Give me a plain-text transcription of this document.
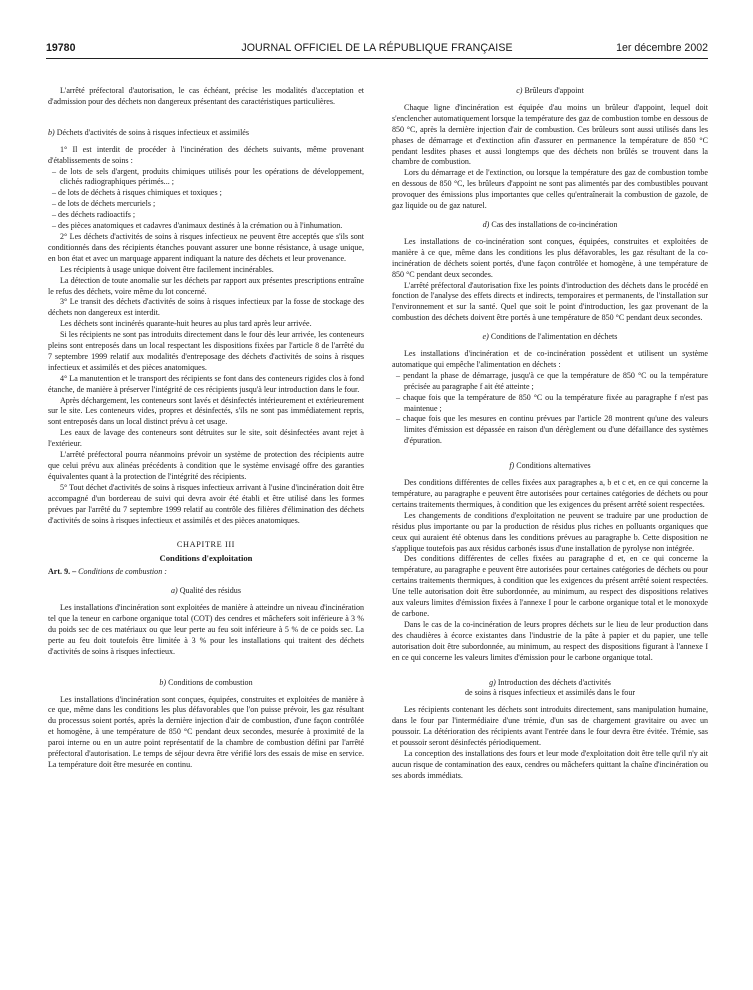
19780	JOURNAL OFFICIEL DE LA RÉPUBLIQUE FRANÇAISE	1er décembre 2002

L'arrêté préfectoral d'autorisation, le cas échéant, précise les modalités d'acceptation et d'admission pour des déchets non dangereux présentant des caractéristiques particulières.

b) Déchets d'activités de soins à risques infectieux et assimilés

1° Il est interdit de procéder à l'incinération des déchets suivants, même provenant d'établissements de soins :

– de lots de sels d'argent, produits chimiques utilisés pour les opérations de développement, clichés radiographiques périmés... ;
– de lots de déchets à risques chimiques et toxiques ;
– de lots de déchets mercuriels ;
– des déchets radioactifs ;
– des pièces anatomiques et cadavres d'animaux destinés à la crémation ou à l'inhumation.

2° Les déchets d'activités de soins à risques infectieux ne peuvent être acceptés que s'ils sont conditionnés dans des récipients étanches pouvant assurer une bonne résistance, à usage unique, en bon état et avec un marquage apparent indiquant la nature des déchets et leur provenance.

Les récipients à usage unique doivent être facilement incinérables.

La détection de toute anomalie sur les déchets par rapport aux présentes prescriptions entraîne le refus des déchets, voire même du lot concerné.

3° Le transit des déchets d'activités de soins à risques infectieux par la fosse de stockage des déchets non dangereux est interdit.

Les déchets sont incinérés quarante-huit heures au plus tard après leur arrivée.

Si les récipients ne sont pas introduits directement dans le four dès leur arrivée, les conteneurs pleins sont entreposés dans un local respectant les dispositions fixées par l'article 8 de l'arrêté du 7 septembre 1999 relatif aux modalités d'entreposage des déchets d'activités de soins à risques infectieux et assimilés et des pièces anatomiques.

4° La manutention et le transport des récipients se font dans des conteneurs rigides clos à fond étanche, de manière à préserver l'intégrité de ces récipients jusqu'à leur introduction dans le four.

Après déchargement, les conteneurs sont lavés et désinfectés intérieurement et extérieurement sur le site. Les conteneurs vides, propres et désinfectés, s'ils ne sont pas immédiatement repris, sont entreposés dans un local distinct prévu à cet usage.

Les eaux de lavage des conteneurs sont détruites sur le site, soit désinfectées avant rejet à l'extérieur.

L'arrêté préfectoral pourra néanmoins prévoir un système de protection des récipients autre que celui prévu aux alinéas précédents à condition que le système envisagé offre des garanties équivalentes quant à la protection de l'intégrité des récipients.

5° Tout déchet d'activités de soins à risques infectieux arrivant à l'usine d'incinération doit être accompagné d'un bordereau de suivi qui devra avoir été établi et être utilisé dans les formes prévues par l'arrêté du 7 septembre 1999 relatif au contrôle des filières d'élimination des déchets d'activités de soins à risques infectieux et assimilés et des pièces anatomiques.

CHAPITRE III
Conditions d'exploitation

Art. 9. – Conditions de combustion :

a) Qualité des résidus

Les installations d'incinération sont exploitées de manière à atteindre un niveau d'incinération tel que la teneur en carbone organique total (COT) des cendres et mâchefers soit inférieure à 3 % du poids sec de ces matériaux ou que leur perte au feu soit inférieure à 5 % de ce poids sec. La perte au feu doit toutefois être limitée à 3 % pour les installations qui traitent des déchets d'activités de soins à risques infectieux.

b) Conditions de combustion

Les installations d'incinération sont conçues, équipées, construites et exploitées de manière à ce que, même dans les conditions les plus défavorables que l'on puisse prévoir, les gaz résultant du processus soient portés, après la dernière injection d'air de combustion, d'une façon contrôlée et homogène, à une température de 850 °C pendant deux secondes, mesurée à proximité de la paroi interne ou en un autre point représentatif de la chambre de combustion défini par l'arrêté préfectoral d'autorisation. Le temps de séjour devra être vérifié lors des essais de mise en service. La température doit être mesurée en continu.

c) Brûleurs d'appoint

Chaque ligne d'incinération est équipée d'au moins un brûleur d'appoint, lequel doit s'enclencher automatiquement lorsque la température des gaz de combustion tombe en dessous de 850 °C, après la dernière injection d'air de combustion. Ces brûleurs sont aussi utilisés dans les phases de démarrage et d'extinction afin d'assurer en permanence la température de 850 °C pendant lesdites phases et aussi longtemps que des déchets non brûlés se trouvent dans la chambre de combustion.

Lors du démarrage et de l'extinction, ou lorsque la température des gaz de combustion tombe en dessous de 850 °C, les brûleurs d'appoint ne sont pas alimentés par des combustibles pouvant provoquer des émissions plus importantes que celles qu'entraînerait la combustion de gazole, de gaz liquide ou de gaz naturel.

d) Cas des installations de co-incinération

Les installations de co-incinération sont conçues, équipées, construites et exploitées de manière à ce que, même dans les conditions les plus défavorables, les gaz résultant de la co-incinération de déchets soient portés, d'une façon contrôlée et homogène, à une température de 850 °C pendant deux secondes.

L'arrêté préfectoral d'autorisation fixe les points d'introduction des déchets dans le procédé en fonction de l'analyse des effets directs et indirects, temporaires et permanents, de l'installation sur l'environnement et sur la santé. Quel que soit le point d'introduction, les gaz provenant de la combustion des déchets doivent être portés à une température de 850 °C pendant deux secondes.

e) Conditions de l'alimentation en déchets

Les installations d'incinération et de co-incinération possèdent et utilisent un système automatique qui empêche l'alimentation en déchets :

– pendant la phase de démarrage, jusqu'à ce que la température de 850 °C ou la température précisée au paragraphe f ait été atteinte ;
– chaque fois que la température de 850 °C ou la température fixée au paragraphe f n'est pas maintenue ;
– chaque fois que les mesures en continu prévues par l'article 28 montrent qu'une des valeurs limites d'émission est dépassée en raison d'un dérèglement ou d'une défaillance des systèmes d'épuration.
f) Conditions alternatives

Des conditions différentes de celles fixées aux paragraphes a, b et c et, en ce qui concerne la température, au paragraphe e peuvent être autorisées pour certaines catégories de déchets ou pour certains traitements thermiques, à condition que les exigences du présent arrêté soient respectées.

Les changements de conditions d'exploitation ne peuvent se traduire par une production de résidus plus importante ou par la production de résidus plus riches en polluants organiques que ceux qui auraient été obtenus dans les conditions prévues au paragraphe b. Cette disposition ne s'applique toutefois pas aux résidus carbonés issus d'une installation de pyrolyse non intégrée.

Des conditions différentes de celles fixées au paragraphe d et, en ce qui concerne la température, au paragraphe e peuvent être autorisées pour certaines catégories de déchets ou pour certains traitements thermiques, à condition que les exigences du présent arrêté soient respectées. Une telle autorisation doit être subordonnée, au minimum, au respect des dispositions relatives aux valeurs limites d'émission fixées à l'annexe I pour le carbone organique total et le monoxyde de carbone.

Dans le cas de la co-incinération de leurs propres déchets sur le lieu de leur production dans des chaudières à écorce existantes dans l'industrie de la pâte à papier et du papier, une telle autorisation doit être subordonnée, au minimum, au respect des dispositions figurant à l'annexe I en ce qui concerne les valeurs limites d'émission pour le carbone organique total.

g) Introduction des déchets d'activités
de soins à risques infectieux et assimilés dans le four

Les récipients contenant les déchets sont introduits directement, sans manipulation humaine, dans le four par l'intermédiaire d'une trémie, d'un sas de chargement gravitaire ou avec un poussoir. La détérioration des récipients avant l'entrée dans le four devra être évitée. Trémie, sas et poussoir seront désinfectés périodiquement.

La conception des installations des fours et leur mode d'exploitation doit être telle qu'il n'y ait aucun risque de contamination des eaux, cendres ou mâchefers quittant la chaîne d'incinération ou ses abords immédiats.
